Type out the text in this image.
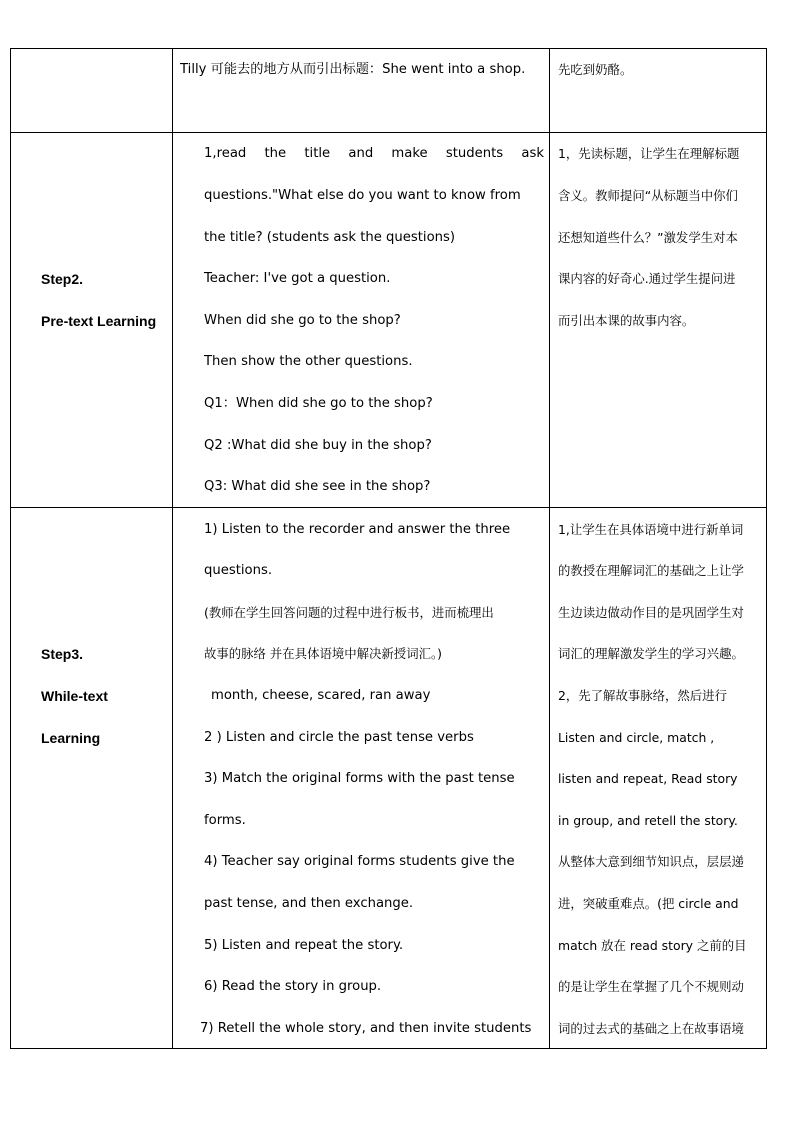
Tilly 可能去的地方从而引出标题：She went into a shop.	先吃到奶酪。
Step2.
Pre-text Learning
1,read the title and make students ask
questions."What else do you want to know from
the title? (students ask the questions)
Teacher: I've got a question.
When did she go to the shop?
Then show the other questions.
Q1：When did she go to the shop?
Q2 :What did she buy in the shop?
Q3: What did she see in the shop?
1，先读标题，让学生在理解标题
含义。教师提问“从标题当中你们
还想知道些什么？”激发学生对本
课内容的好奇心.通过学生提问进
而引出本课的故事内容。
Step3.
While-text
Learning
1) Listen to the recorder and answer the three
questions.
(教师在学生回答问题的过程中进行板书，进而梳理出
故事的脉络 并在具体语境中解决新授词汇。)
month, cheese, scared, ran away
2 ) Listen and circle the past tense verbs
3) Match the original forms with the past tense
forms.
4) Teacher say original forms students give the
past tense, and then exchange.
5) Listen and repeat the story.
6) Read the story in group.
7) Retell the whole story, and then invite students
1,让学生在具体语境中进行新单词
的教授在理解词汇的基础之上让学
生边读边做动作目的是巩固学生对
词汇的理解激发学生的学习兴趣。
2，先了解故事脉络，然后进行
Listen and circle, match ,
listen and repeat, Read story
in group, and retell the story.
从整体大意到细节知识点，层层递
进，突破重难点。(把 circle and
match 放在 read story 之前的目
的是让学生在掌握了几个不规则动
词的过去式的基础之上在故事语境
